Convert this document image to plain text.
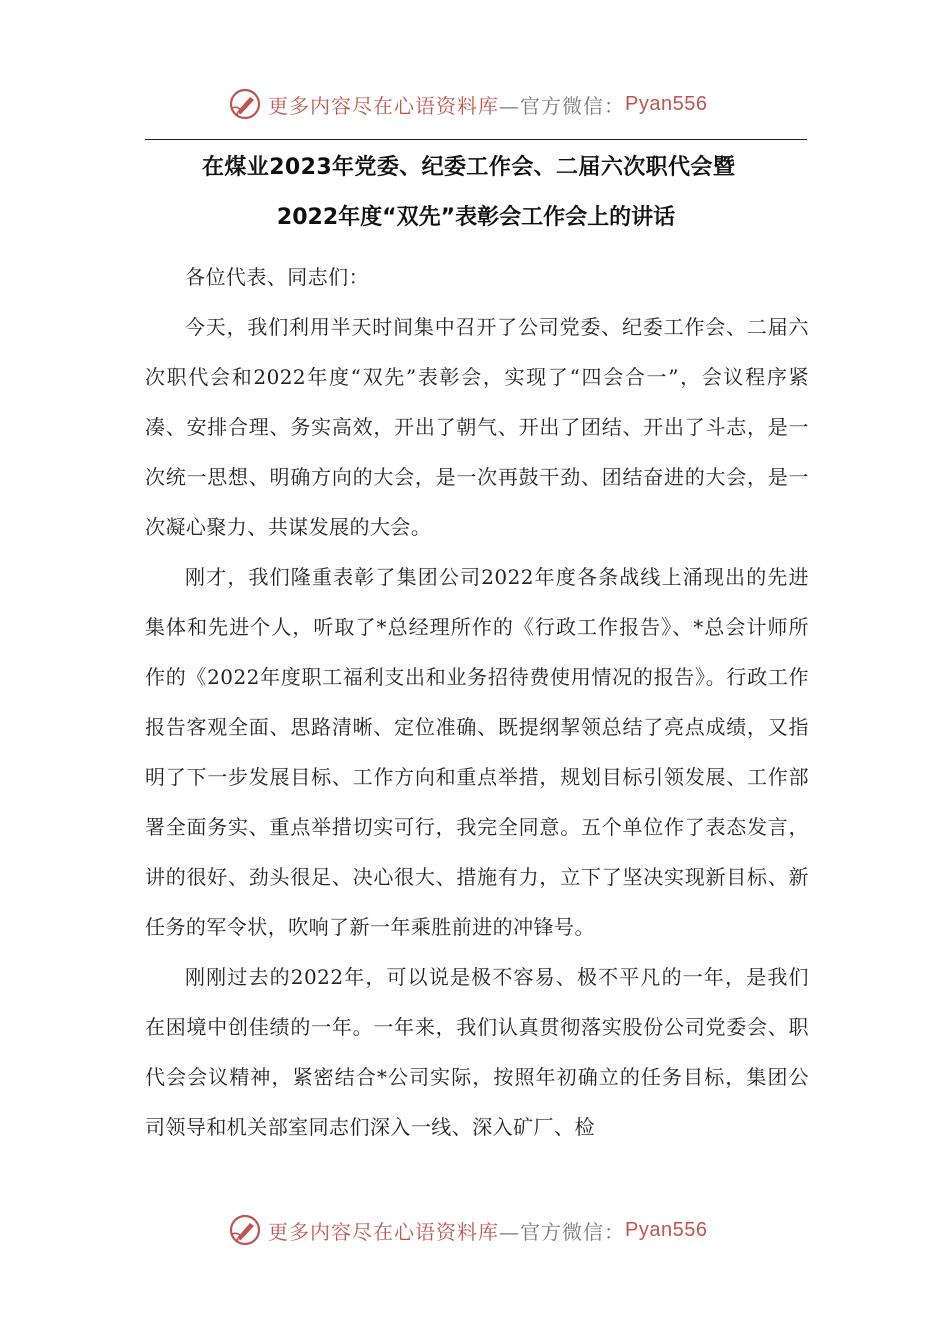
更多内容尽在心语资料库 —官方微信： Pyan556
在煤业2023年党委、纪委工作会、二届六次职代会暨
2022年度“双先”表彰会工作会上的讲话

各位代表、同志们：

今天，我们利用半天时间集中召开了公司党委、纪委工作会、二届六次职代会和2022年度“双先”表彰会，实现了“四会合一”，会议程序紧凑、安排合理、务实高效，开出了朝气、开出了团结、开出了斗志，是一次统一思想、明确方向的大会，是一次再鼓干劲、团结奋进的大会，是一次凝心聚力、共谋发展的大会。

刚才，我们隆重表彰了集团公司2022年度各条战线上涌现出的先进集体和先进个人，听取了*总经理所作的《行政工作报告》、*总会计师所作的《2022年度职工福利支出和业务招待费使用情况的报告》。行政工作报告客观全面、思路清晰、定位准确、既提纲挈领总结了亮点成绩，又指明了下一步发展目标、工作方向和重点举措，规划目标引领发展、工作部署全面务实、重点举措切实可行，我完全同意。五个单位作了表态发言，讲的很好、劲头很足、决心很大、措施有力，立下了坚决实现新目标、新任务的军令状，吹响了新一年乘胜前进的冲锋号。

刚刚过去的2022年，可以说是极不容易、极不平凡的一年，是我们在困境中创佳绩的一年。一年来，我们认真贯彻落实股份公司党委会、职代会会议精神，紧密结合*公司实际，按照年初确立的任务目标，集团公司领导和机关部室同志们深入一线、深入矿厂、检

更多内容尽在心语资料库 —官方微信： Pyan556
